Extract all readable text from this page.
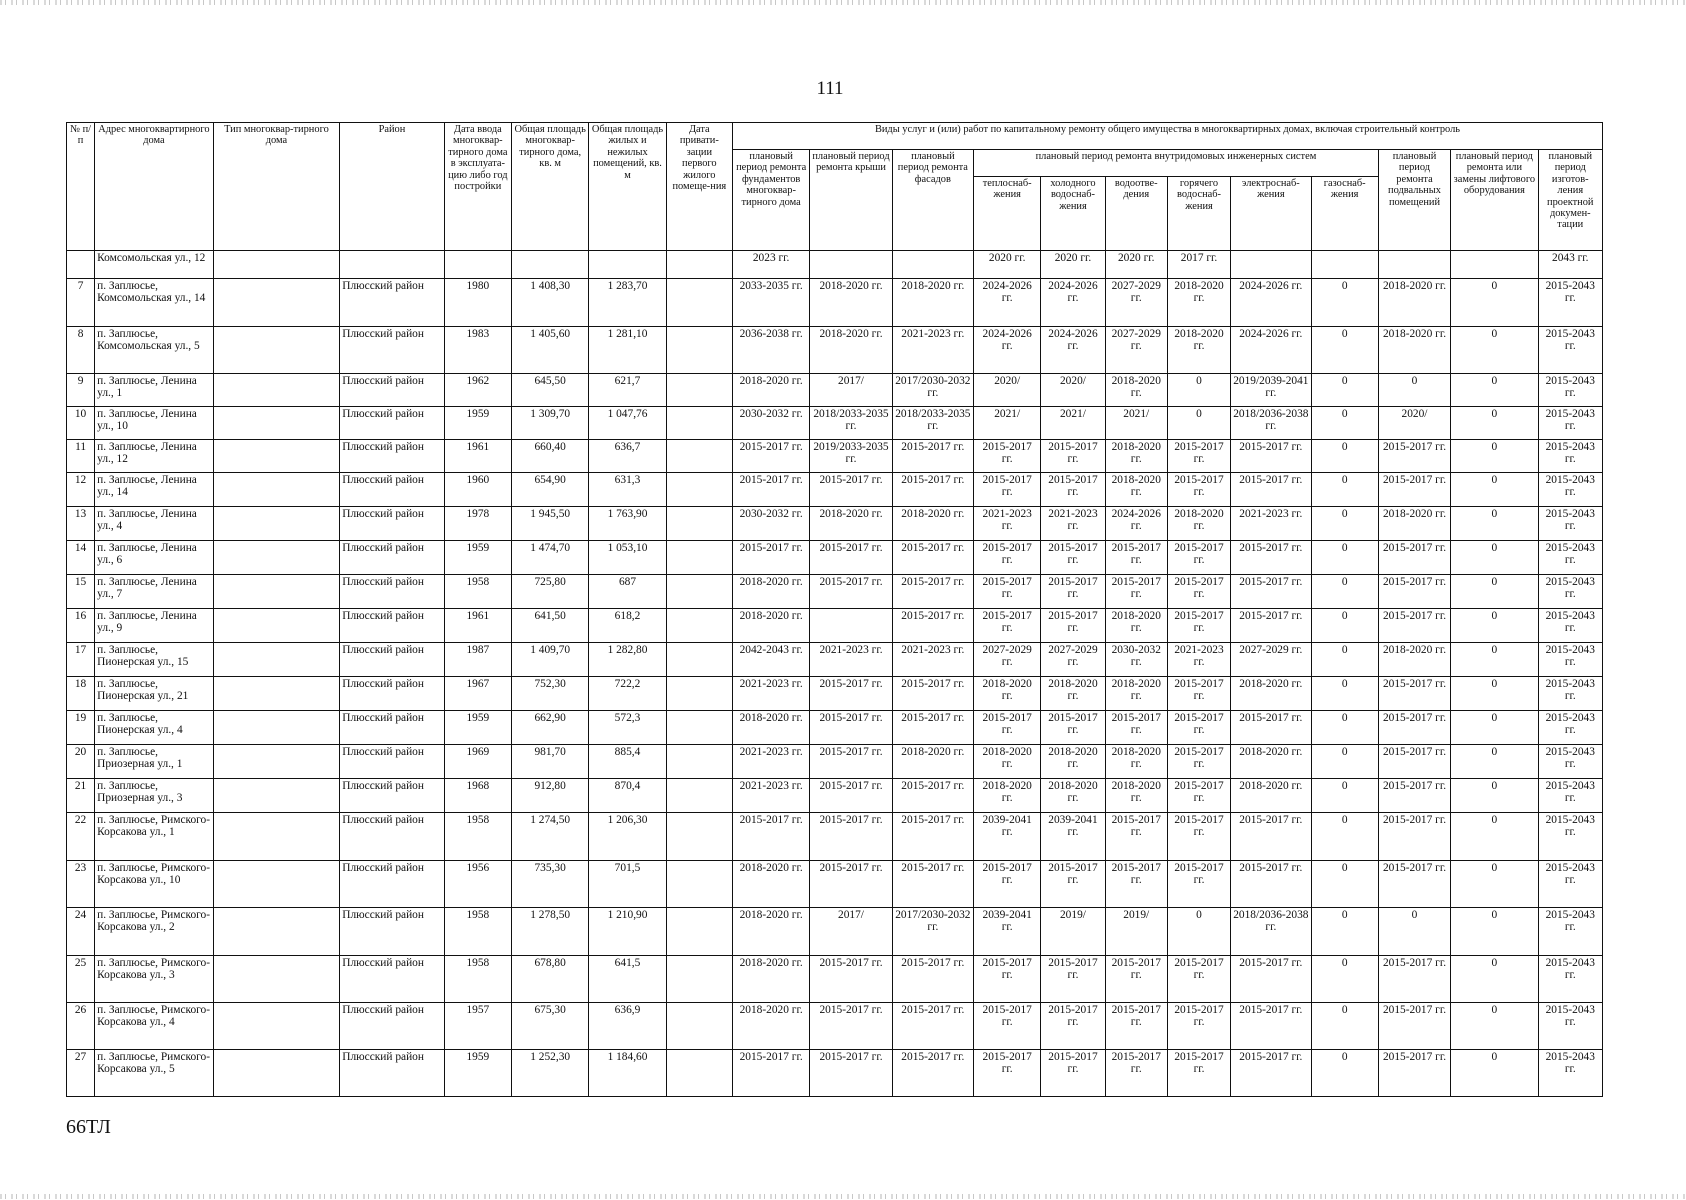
111
№ п/п	Адрес многоквартирного дома	Тип многоквар-тирного дома	Район	Дата ввода многоквар-тирного дома в эксплуата-цию либо год постройки	Общая площадь многоквар-тирного дома, кв. м	Общая площадь жилых и нежилых помещений, кв. м	Дата привати-зации первого жилого помеще-ния	Виды услуг и (или) работ по капитальному ремонту общего имущества в многоквартирных домах, включая строительный контроль											
								плановый период ремонта фундаментов многоквар-тирного дома	плановый период ремонта крыши	плановый период ремонта фасадов	плановый период ремонта внутридомовых инженерных систем						плановый период ремонта подвальных помещений	плановый период ремонта или замены лифтового оборудования	плановый период изготов-ления проектной докумен-тации
											теплоснаб-жения	холодного водоснаб-жения	водоотве-дения	горячего водоснаб-жения	электроснаб-жения	газоснаб-жения			
	Комсомольская ул., 12							2023 гг.			2020 гг.	2020 гг.	2020 гг.	2017 гг.					2043 гг.
7	п. Заплюсье, Комсомольская ул., 14		Плюсский район	1980	1 408,30	1 283,70		2033-2035 гг.	2018-2020 гг.	2018-2020 гг.	2024-2026 гг.	2024-2026 гг.	2027-2029 гг.	2018-2020 гг.	2024-2026 гг.	0	2018-2020 гг.	0	2015-2043 гг.
8	п. Заплюсье, Комсомольская ул., 5		Плюсский район	1983	1 405,60	1 281,10		2036-2038 гг.	2018-2020 гг.	2021-2023 гг.	2024-2026 гг.	2024-2026 гг.	2027-2029 гг.	2018-2020 гг.	2024-2026 гг.	0	2018-2020 гг.	0	2015-2043 гг.
9	п. Заплюсье, Ленина ул., 1		Плюсский район	1962	645,50	621,7		2018-2020 гг.	2017/	2017/2030-2032 гг.	2020/	2020/	2018-2020 гг.	0	2019/2039-2041 гг.	0	0	0	2015-2043 гг.
10	п. Заплюсье, Ленина ул., 10		Плюсский район	1959	1 309,70	1 047,76		2030-2032 гг.	2018/2033-2035 гг.	2018/2033-2035 гг.	2021/	2021/	2021/	0	2018/2036-2038 гг.	0	2020/	0	2015-2043 гг.
11	п. Заплюсье, Ленина ул., 12		Плюсский район	1961	660,40	636,7		2015-2017 гг.	2019/2033-2035 гг.	2015-2017 гг.	2015-2017 гг.	2015-2017 гг.	2018-2020 гг.	2015-2017 гг.	2015-2017 гг.	0	2015-2017 гг.	0	2015-2043 гг.
12	п. Заплюсье, Ленина ул., 14		Плюсский район	1960	654,90	631,3		2015-2017 гг.	2015-2017 гг.	2015-2017 гг.	2015-2017 гг.	2015-2017 гг.	2018-2020 гг.	2015-2017 гг.	2015-2017 гг.	0	2015-2017 гг.	0	2015-2043 гг.
13	п. Заплюсье, Ленина ул., 4		Плюсский район	1978	1 945,50	1 763,90		2030-2032 гг.	2018-2020 гг.	2018-2020 гг.	2021-2023 гг.	2021-2023 гг.	2024-2026 гг.	2018-2020 гг.	2021-2023 гг.	0	2018-2020 гг.	0	2015-2043 гг.
14	п. Заплюсье, Ленина ул., 6		Плюсский район	1959	1 474,70	1 053,10		2015-2017 гг.	2015-2017 гг.	2015-2017 гг.	2015-2017 гг.	2015-2017 гг.	2015-2017 гг.	2015-2017 гг.	2015-2017 гг.	0	2015-2017 гг.	0	2015-2043 гг.
15	п. Заплюсье, Ленина ул., 7		Плюсский район	1958	725,80	687		2018-2020 гг.	2015-2017 гг.	2015-2017 гг.	2015-2017 гг.	2015-2017 гг.	2015-2017 гг.	2015-2017 гг.	2015-2017 гг.	0	2015-2017 гг.	0	2015-2043 гг.
16	п. Заплюсье, Ленина ул., 9		Плюсский район	1961	641,50	618,2		2018-2020 гг.		2015-2017 гг.	2015-2017 гг.	2015-2017 гг.	2018-2020 гг.	2015-2017 гг.	2015-2017 гг.	0	2015-2017 гг.	0	2015-2043 гг.
17	п. Заплюсье, Пионерская ул., 15		Плюсский район	1987	1 409,70	1 282,80		2042-2043 гг.	2021-2023 гг.	2021-2023 гг.	2027-2029 гг.	2027-2029 гг.	2030-2032 гг.	2021-2023 гг.	2027-2029 гг.	0	2018-2020 гг.	0	2015-2043 гг.
18	п. Заплюсье, Пионерская ул., 21		Плюсский район	1967	752,30	722,2		2021-2023 гг.	2015-2017 гг.	2015-2017 гг.	2018-2020 гг.	2018-2020 гг.	2018-2020 гг.	2015-2017 гг.	2018-2020 гг.	0	2015-2017 гг.	0	2015-2043 гг.
19	п. Заплюсье, Пионерская ул., 4		Плюсский район	1959	662,90	572,3		2018-2020 гг.	2015-2017 гг.	2015-2017 гг.	2015-2017 гг.	2015-2017 гг.	2015-2017 гг.	2015-2017 гг.	2015-2017 гг.	0	2015-2017 гг.	0	2015-2043 гг.
20	п. Заплюсье, Приозерная ул., 1		Плюсский район	1969	981,70	885,4		2021-2023 гг.	2015-2017 гг.	2018-2020 гг.	2018-2020 гг.	2018-2020 гг.	2018-2020 гг.	2015-2017 гг.	2018-2020 гг.	0	2015-2017 гг.	0	2015-2043 гг.
21	п. Заплюсье, Приозерная ул., 3		Плюсский район	1968	912,80	870,4		2021-2023 гг.	2015-2017 гг.	2015-2017 гг.	2018-2020 гг.	2018-2020 гг.	2018-2020 гг.	2015-2017 гг.	2018-2020 гг.	0	2015-2017 гг.	0	2015-2043 гг.
22	п. Заплюсье, Римского-Корсакова ул., 1		Плюсский район	1958	1 274,50	1 206,30		2015-2017 гг.	2015-2017 гг.	2015-2017 гг.	2039-2041 гг.	2039-2041 гг.	2015-2017 гг.	2015-2017 гг.	2015-2017 гг.	0	2015-2017 гг.	0	2015-2043 гг.
23	п. Заплюсье, Римского-Корсакова ул., 10		Плюсский район	1956	735,30	701,5		2018-2020 гг.	2015-2017 гг.	2015-2017 гг.	2015-2017 гг.	2015-2017 гг.	2015-2017 гг.	2015-2017 гг.	2015-2017 гг.	0	2015-2017 гг.	0	2015-2043 гг.
24	п. Заплюсье, Римского-Корсакова ул., 2		Плюсский район	1958	1 278,50	1 210,90		2018-2020 гг.	2017/	2017/2030-2032 гг.	2039-2041 гг.	2019/	2019/	0	2018/2036-2038 гг.	0	0	0	2015-2043 гг.
25	п. Заплюсье, Римского-Корсакова ул., 3		Плюсский район	1958	678,80	641,5		2018-2020 гг.	2015-2017 гг.	2015-2017 гг.	2015-2017 гг.	2015-2017 гг.	2015-2017 гг.	2015-2017 гг.	2015-2017 гг.	0	2015-2017 гг.	0	2015-2043 гг.
26	п. Заплюсье, Римского-Корсакова ул., 4		Плюсский район	1957	675,30	636,9		2018-2020 гг.	2015-2017 гг.	2015-2017 гг.	2015-2017 гг.	2015-2017 гг.	2015-2017 гг.	2015-2017 гг.	2015-2017 гг.	0	2015-2017 гг.	0	2015-2043 гг.
27	п. Заплюсье, Римского-Корсакова ул., 5		Плюсский район	1959	1 252,30	1 184,60		2015-2017 гг.	2015-2017 гг.	2015-2017 гг.	2015-2017 гг.	2015-2017 гг.	2015-2017 гг.	2015-2017 гг.	2015-2017 гг.	0	2015-2017 гг.	0	2015-2043 гг.
66ТЛ
